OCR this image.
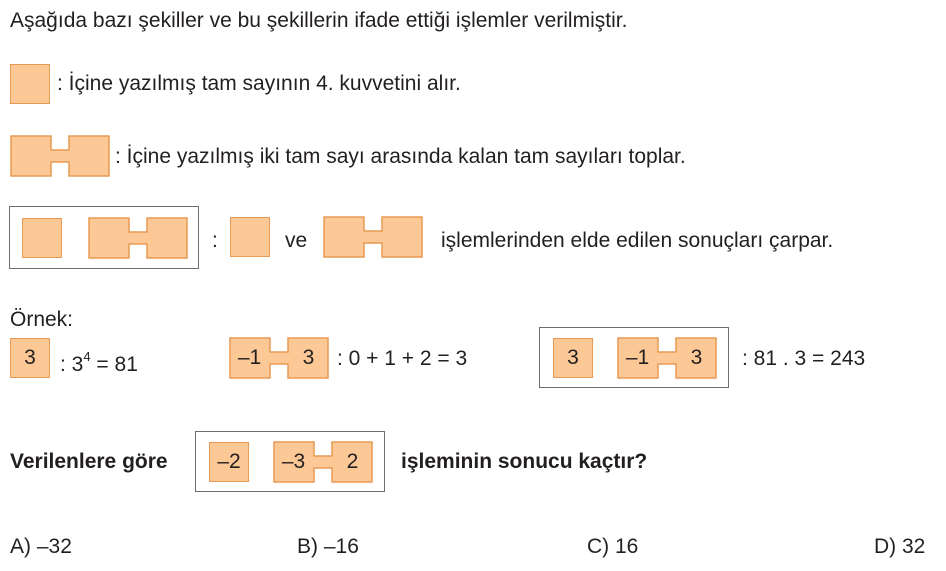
Aşağıda bazı şekiller ve bu şekillerin ifade ettiği işlemler verilmiştir.
: İçine yazılmış tam sayının 4. kuvvetini alır.
: İçine yazılmış iki tam sayı arasında kalan tam sayıları toplar.
:	ve	işlemlerinden elde edilen sonuçları çarpar.
Örnek:
3	: $3^4 = 81$	–1	3	: 0 + 1 + 2 = 3	3	–1	3	: 81 . 3 = 243
Verilenlere göre	–2	–3	2	işleminin sonucu kaçtır?
A) –32	B) –16	C) 16	D) 32
